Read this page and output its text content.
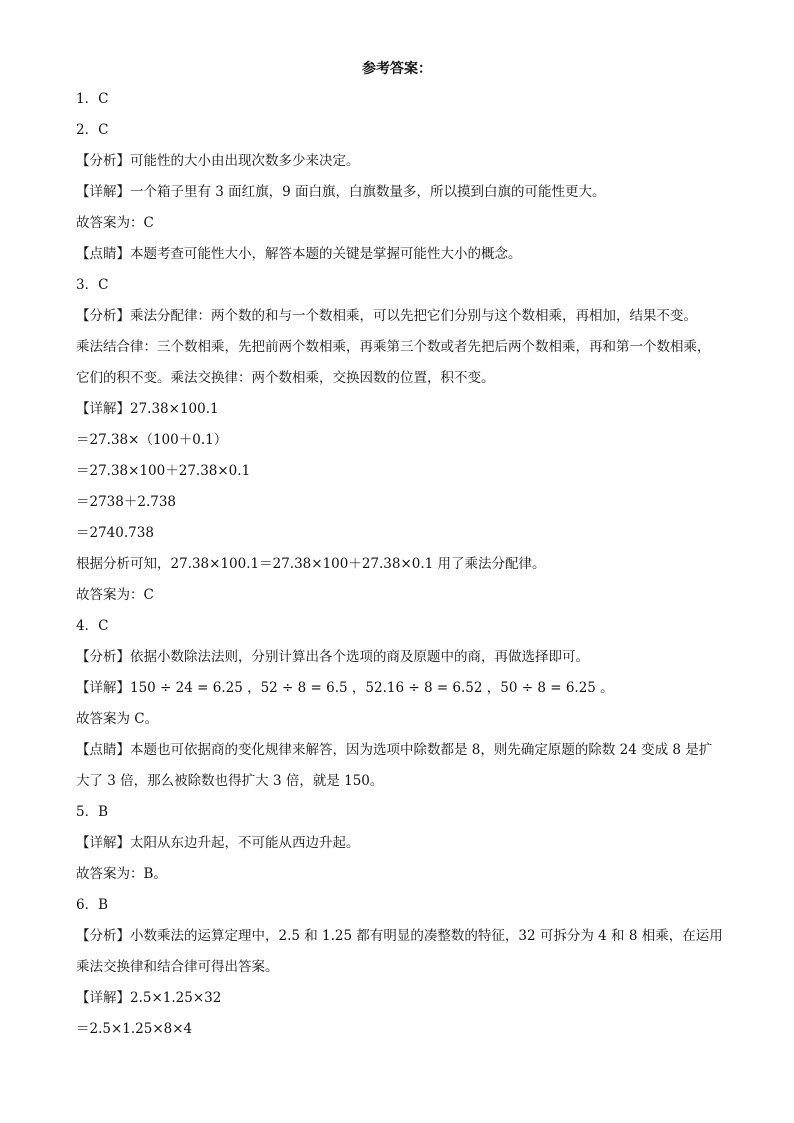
参考答案：
1．C
2．C
【分析】可能性的大小由出现次数多少来决定。
【详解】一个箱子里有 3 面红旗，9 面白旗，白旗数量多，所以摸到白旗的可能性更大。
故答案为：C
【点睛】本题考查可能性大小，解答本题的关键是掌握可能性大小的概念。
3．C
【分析】乘法分配律：两个数的和与一个数相乘，可以先把它们分别与这个数相乘，再相加，结果不变。
乘法结合律：三个数相乘，先把前两个数相乘，再乘第三个数或者先把后两个数相乘，再和第一个数相乘，
它们的积不变。乘法交换律：两个数相乘，交换因数的位置，积不变。
【详解】27.38×100.1
＝27.38×（100＋0.1）
＝27.38×100＋27.38×0.1
＝2738＋2.738
＝2740.738
根据分析可知，27.38×100.1＝27.38×100＋27.38×0.1 用了乘法分配律。
故答案为：C
4．C
【分析】依据小数除法法则，分别计算出各个选项的商及原题中的商，再做选择即可。
【详解】150 ÷ 24 = 6.25 ，52 ÷ 8 = 6.5 ，52.16 ÷ 8 = 6.52 ，50 ÷ 8 = 6.25 。
故答案为 C。
【点睛】本题也可依据商的变化规律来解答，因为选项中除数都是 8，则先确定原题的除数 24 变成 8 是扩
大了 3 倍，那么被除数也得扩大 3 倍，就是 150。
5．B
【详解】太阳从东边升起，不可能从西边升起。
故答案为：B。
6．B
【分析】小数乘法的运算定理中，2.5 和 1.25 都有明显的凑整数的特征，32 可拆分为 4 和 8 相乘，在运用
乘法交换律和结合律可得出答案。
【详解】2.5×1.25×32
＝2.5×1.25×8×4
